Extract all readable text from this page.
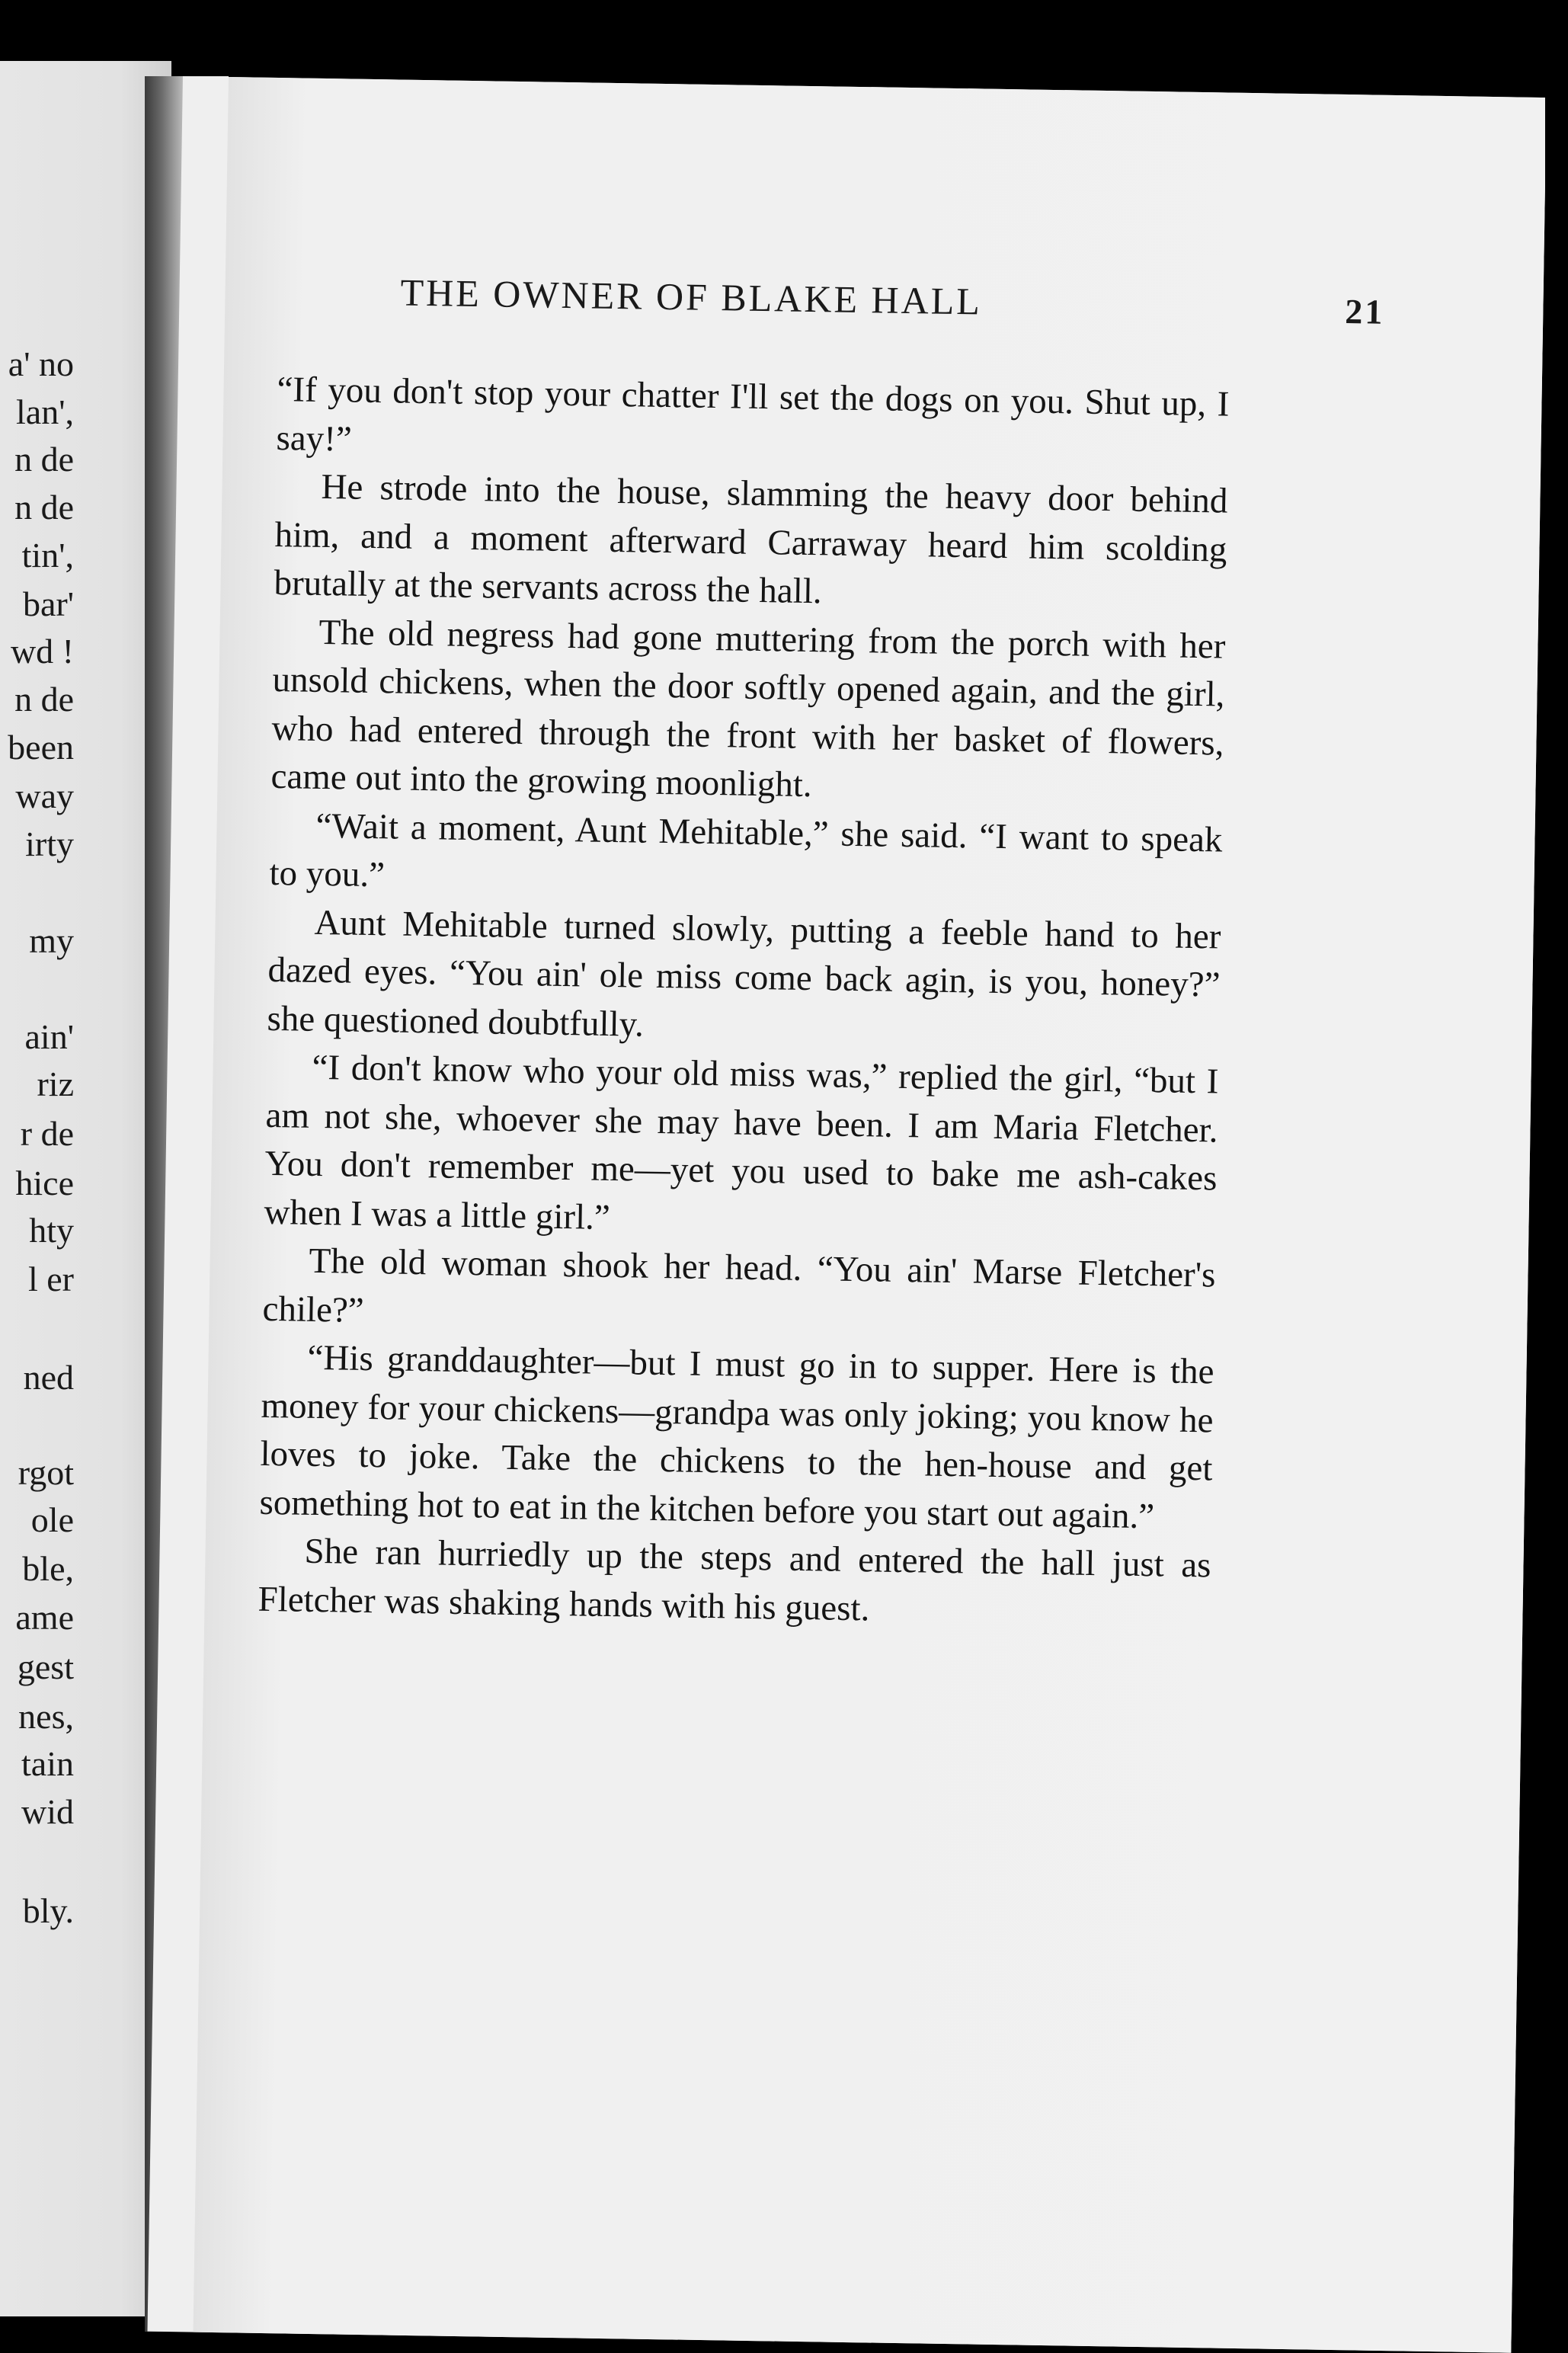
a' no
lan',
n de
n de
tin',
bar'
wd !
n de
been
way
irty
my
ain'
riz
r de
hice
hty
l er
ned
rgot
ole
ble,
ame
gest
nes,
tain
wid
bly.
THE OWNER OF BLAKE HALL	21

“If you don't stop your chatter I'll set the dogs on you. Shut up, I say!”

He strode into the house, slamming the heavy door behind him, and a moment afterward Carraway heard him scolding brutally at the servants across the hall.

The old negress had gone muttering from the porch with her unsold chickens, when the door softly opened again, and the girl, who had entered through the front with her basket of flowers, came out into the growing moonlight.

“Wait a moment, Aunt Mehitable,” she said. “I want to speak to you.”

Aunt Mehitable turned slowly, putting a feeble hand to her dazed eyes. “You ain' ole miss come back agin, is you, honey?” she questioned doubtfully.

“I don't know who your old miss was,” replied the girl, “but I am not she, whoever she may have been. I am Maria Fletcher. You don't remember me—yet you used to bake me ash-cakes when I was a little girl.”

The old woman shook her head. “You ain' Marse Fletcher's chile?”

“His granddaughter—but I must go in to supper. Here is the money for your chickens—grandpa was only joking; you know he loves to joke. Take the chickens to the hen-house and get something hot to eat in the kitchen before you start out again.”

She ran hurriedly up the steps and entered the hall just as Fletcher was shaking hands with his guest.
